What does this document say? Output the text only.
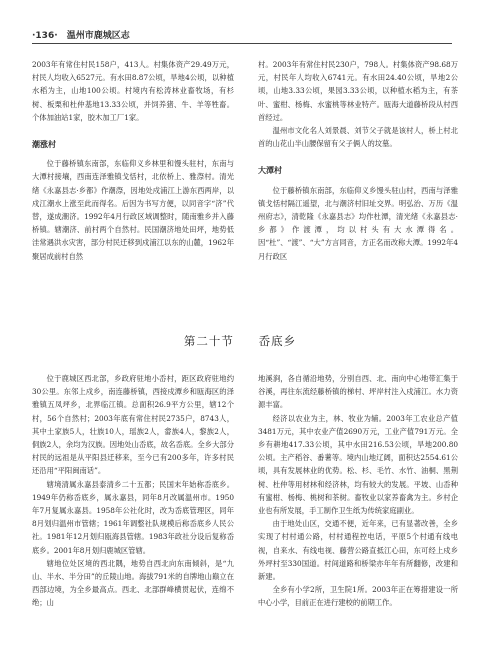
·136· 温州市鹿城区志

2003年有常住村民158户，413人。村集体资产29.49万元，村民人均收入6527元。有水田8.87公顷，旱地4公顷，以种植水稻为主，山地100公顷。村境内有松涛林业畜牧场，有杉树、板栗和杜仲基地13.33公顷，并饲养猪、牛、羊等牲畜。个体加油站1家，胶木加工厂1家。

潮涨村

位于藤桥镇东南部，东临仰义乡林里和馒头驻村，东南与大潭村接壤，西南连泽雅镇戈恬村，北依桥上、雅漈村。清光绪《永嘉县志·乡都》作潮漈，因地处戍浦江上游东西两岸，以戍江潮水上涨至此而得名。后因为书写方便，以同音字“济”代替，遂成潮济。1992年4月行政区域调整时，随南雅乡并入藤桥镇。辖潮济、前村两个自然村。民国潮济地处田坪，地势低洼常遇洪水灾害，部分村民迁移到戍浦江以东的山麓，1962年聚居成前村自然

村。2003年有常住村民230户，798人。村集体资产98.68万元，村民年人均收入6741元。有水田24.40公顷，旱地2公顷，山地3.33公顷，果园3.33公顷，以种植水稻为主，有茶叶、蜜柑、杨梅、水蜜桃等林业特产。瓯海大道藤桥段从村西首经过。

温州市文化名人刘景晨、刘节父子就是该村人，桥上村北首的山花山半山腰保留有父子俩人的坟墓。

大潭村

位于藤桥镇东南部，东临仰义乡馒头驻山村，西南与泽雅镇戈恬村隔江遥望，北与潮济村旧址交界。明弘治、万历《温州府志》，清乾隆《永嘉县志》均作杜潭，清光绪《永嘉县志·乡都》作渡潭，均以村头有大水潭得名。因“杜”、“渡”、“大”方言同音，方正名而改称大潭。1992年4月行政区

第二十节 岙底乡

位于鹿城区西北部，乡政府驻地小岙村，距区政府驻地约30公里。东邻上戍乡，南连藤桥镇，西接戍潭乡和瓯海区的泽雅镇五凤坪乡，北界临江镇。总面积26.9平方公里，辖12个村，56个自然村；2003年底有常住村民2735户，8743人，其中土家族5人，壮族10人，瑶族2人，畲族4人，黎族2人，侗族2人，余均为汉族。因地处山岙底，故名岙底。全乡大部分村民的远祖是从平阳县迁移来，至今已有200多年，许多村民还沿用“平阳闽南话”。

辖境清属永嘉县泰清乡二十五都；民国末年始称岙底乡。1949年仍称岙底乡，属永嘉县，同年8月改属温州市。1950年7月复属永嘉县。1958年公社化时，改为岙底管理区，同年8月划归温州市管辖；1961年调整社队规模后称岙底乡人民公社。1981年12月划归瓯海县管辖。1983年政社分设后复称岙底乡。2001年8月划归鹿城区管辖。

辖地位处区境的西北隅，地势自西北向东南倾斜，是“九山、半水、半分田”的丘陵山地。海拔791米的自牌地山巅立在西部边境，为全乡最高点。西北、北部群峰横贯起伏，连绵不绝；山

地溪涧，各自循沿地势，分别自西、北、南向中心地带汇集于谷溪，再往东流经藤桥镇的梯村、坪岸村注入戍浦江。水力资源丰富。

经济以农业为主，林、牧业为辅。2003年工农业总产值3481万元，其中农业产值2690万元，工业产值791万元。全乡有耕地417.33公顷，其中水田216.53公顷，旱地200.80公顷。主产稻谷、番薯等。境内山地辽阔，面积达2554.61公顷，具有发展林业的优势。松、杉、毛竹、水竹、油桐、黑荆树、杜仲等用材林和经济林，均有较大的发展。平坡、山岙种有蜜柑、杨梅、桃树和茶树。畜牧业以家养畜禽为主。乡村企业也有所发展，手工制作卫生纸为传统家庭副业。

由于地处山区，交通不便，近年来，已有显著改善，全乡实现了村村通公路，村村通程控电话，平原5个村通有线电视，自来水、有线电视、藤营公路直抵江心田，东可经上戍乡外坪村至330国道。村间道路和桥梁亦年年有所翻修，改建和新建。

全乡有小学2所，卫生院1所。2003年正在筹措建设一所中心小学，目前正在进行建校的前期工作。
